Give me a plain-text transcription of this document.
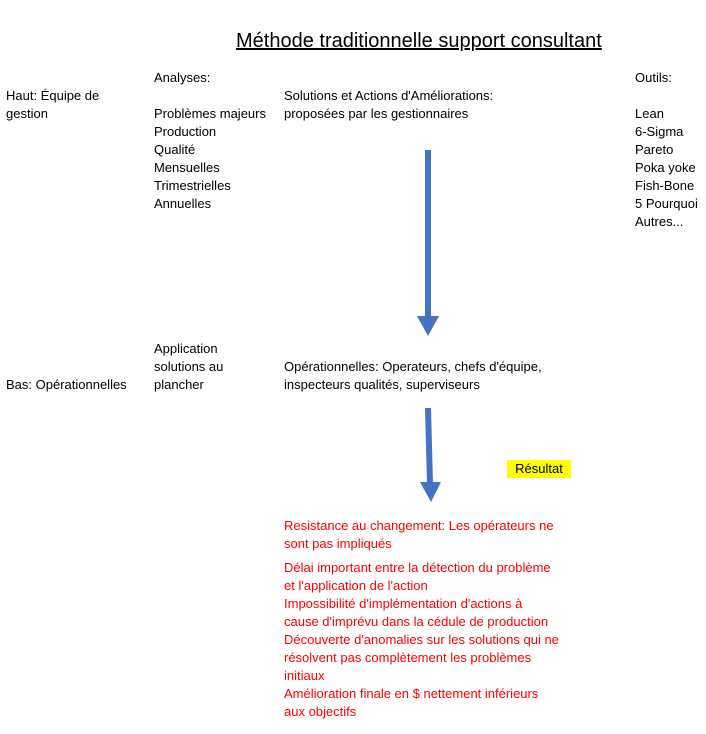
Méthode traditionnelle support consultant
Haut: Équipe de
gestion
Analyses:
Problèmes majeurs
Production
Qualité
Mensuelles
Trimestrielles
Annuelles
Solutions et Actions d'Améliorations:
proposées par les gestionnaires
Outils:
Lean
6-Sigma
Pareto
Poka yoke
Fish-Bone
5 Pourquoi
Autres...
Application
solutions au
plancher
Bas: Opérationnelles
Opérationnelles: Operateurs, chefs d'équipe,
inspecteurs qualités, superviseurs
Résultat
Resistance au changement: Les opérateurs ne
sont pas impliqués
Délai important entre la détection du problème
et l'application de l'action
Impossibilité d'implémentation d'actions à
cause d'imprévu dans la cédule de production
Découverte d'anomalies sur les solutions qui ne
résolvent pas complètement les problèmes
initiaux
Amélioration finale en $ nettement inférieurs
aux objectifs
